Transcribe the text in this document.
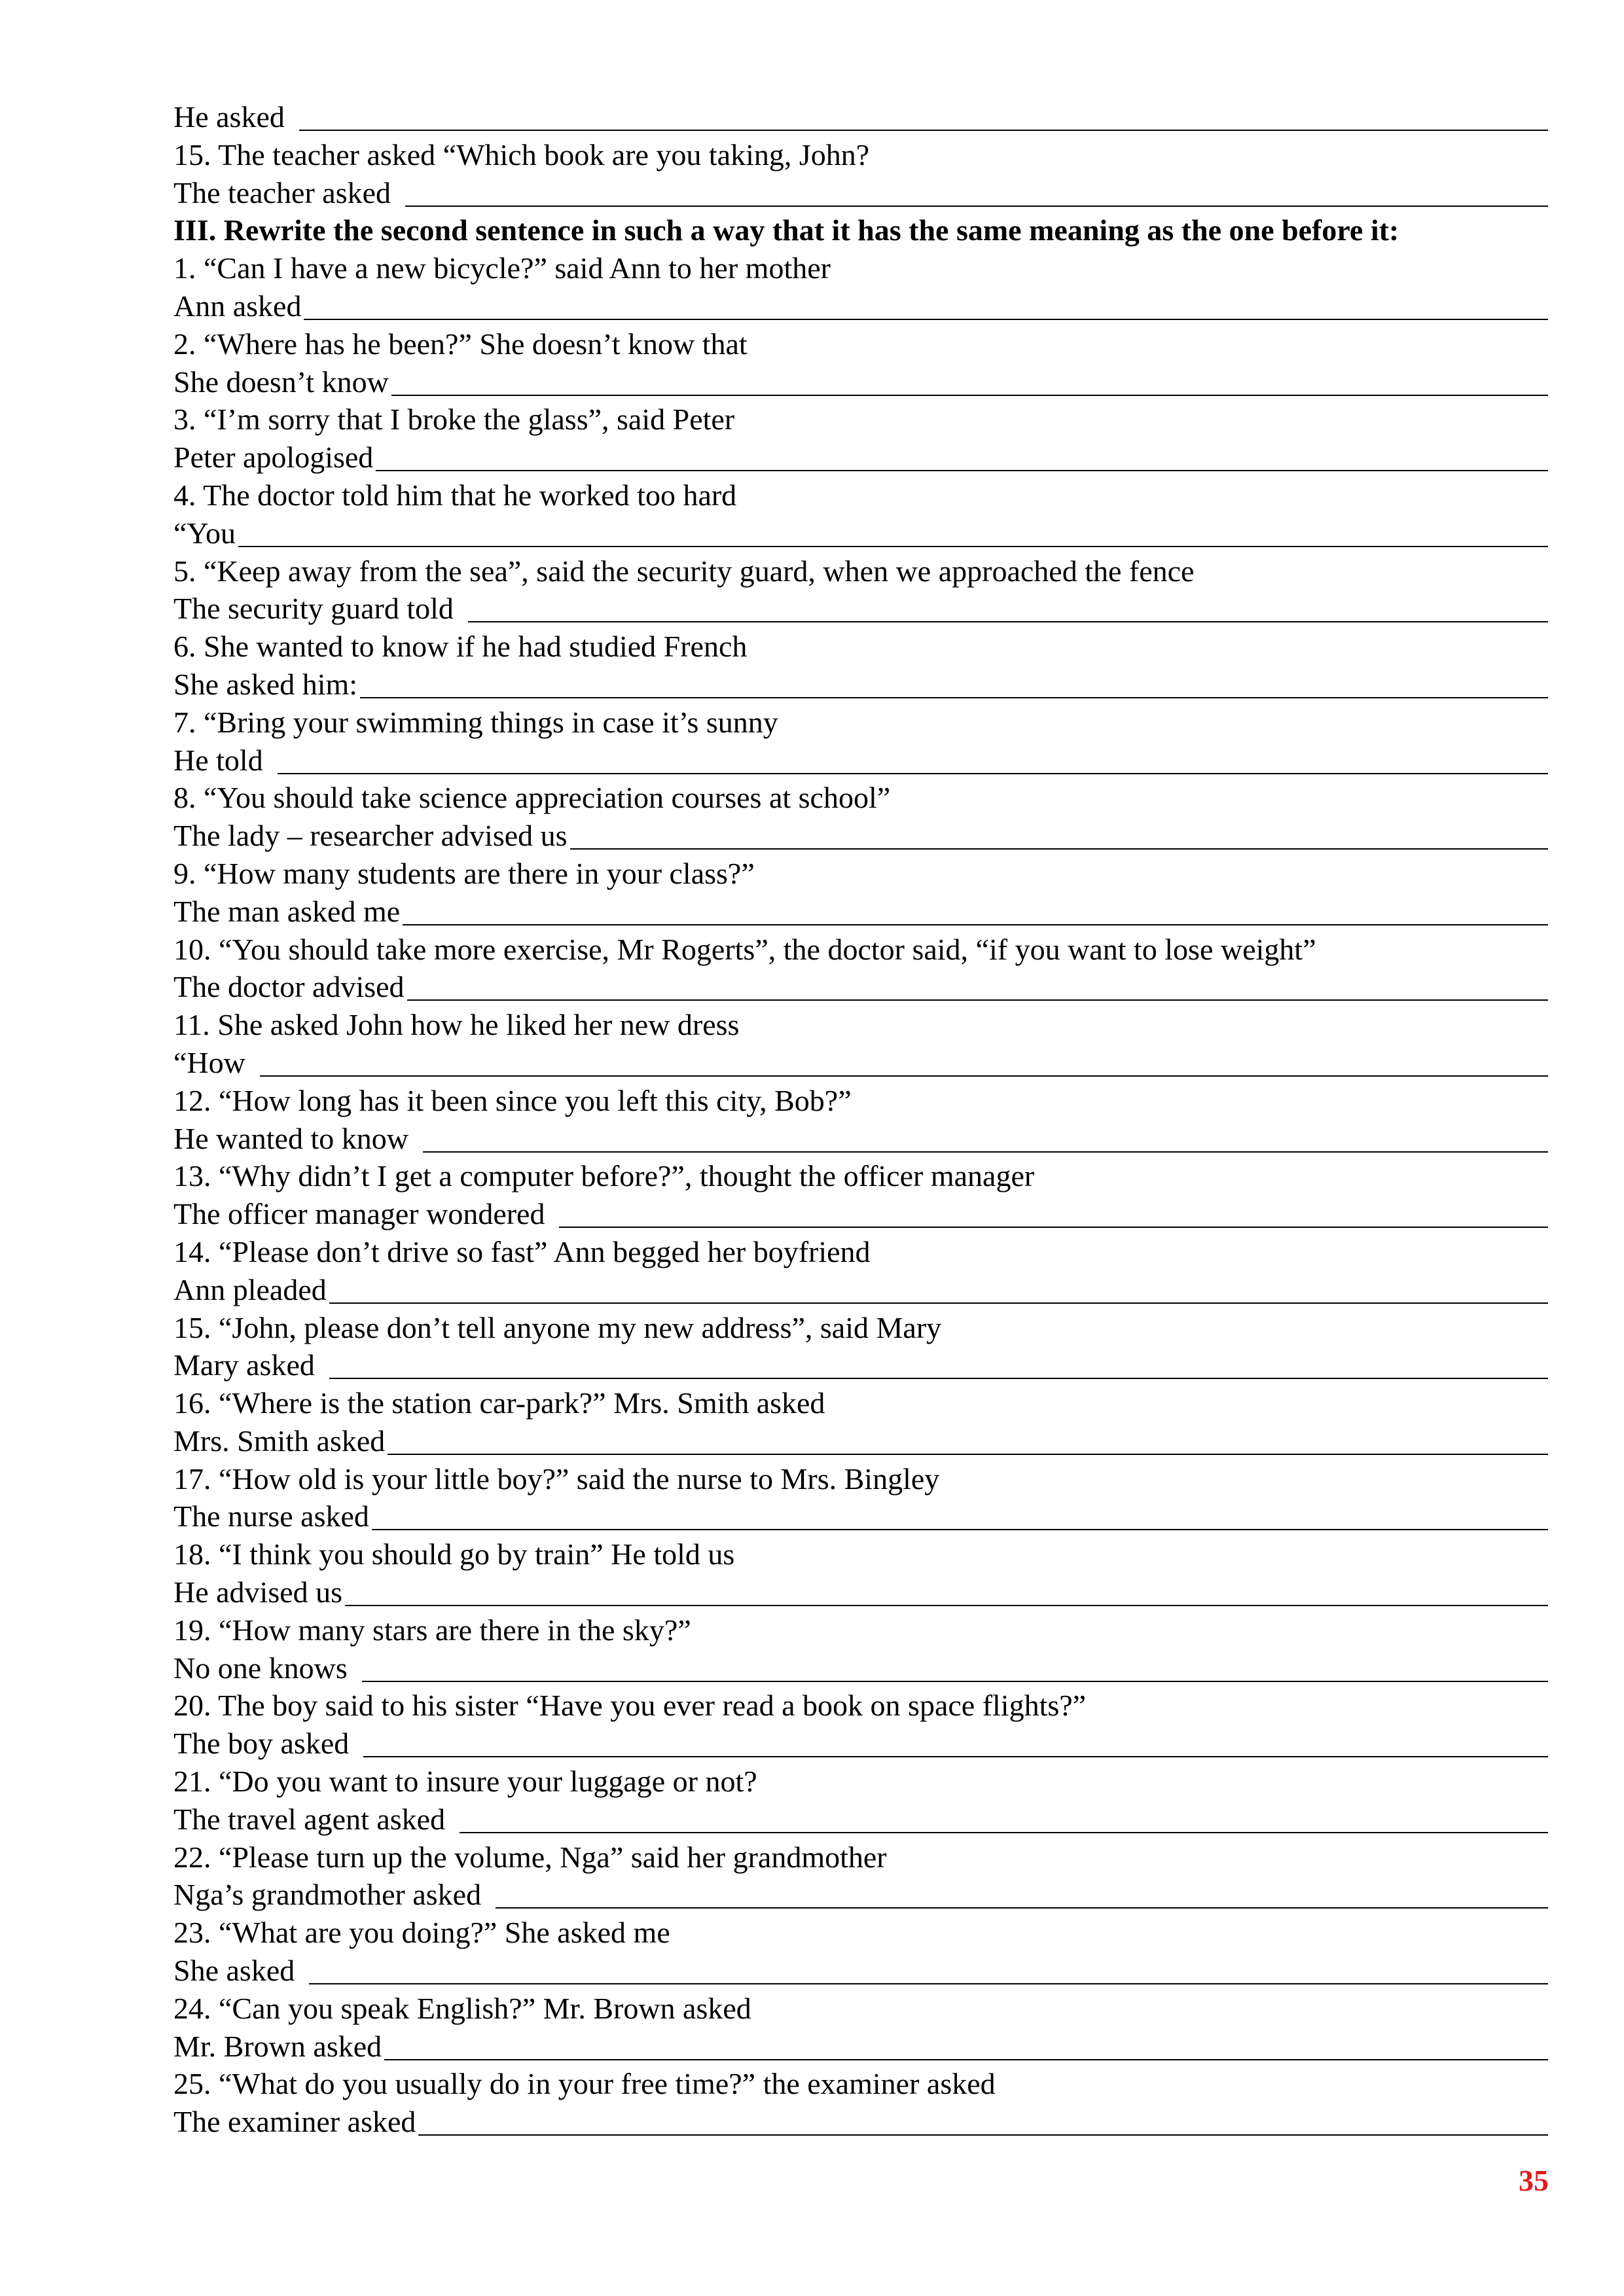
He asked
15. The teacher asked “Which book are you taking, John?
The teacher asked
III. Rewrite the second sentence in such a way that it has the same meaning as the one before it:
1. “Can I have a new bicycle?” said Ann to her mother
Ann asked
2. “Where has he been?” She doesn’t know that
She doesn’t know
3. “I’m sorry that I broke the glass”, said Peter
Peter apologised
4. The doctor told him that he worked too hard
“You
5. “Keep away from the sea”, said the security guard, when we approached the fence
The security guard told
6. She wanted to know if he had studied French
She asked him:
7. “Bring your swimming things in case it’s sunny
He told
8. “You should take science appreciation courses at school”
The lady – researcher advised us
9. “How many students are there in your class?”
The man asked me
10. “You should take more exercise, Mr Rogerts”, the doctor said, “if you want to lose weight”
The doctor advised
11. She asked John how he liked her new dress
“How
12. “How long has it been since you left this city, Bob?”
He wanted to know
13. “Why didn’t I get a computer before?”, thought the officer manager
The officer manager wondered
14. “Please don’t drive so fast” Ann begged her boyfriend
Ann pleaded
15. “John, please don’t tell anyone my new address”, said Mary
Mary asked
16. “Where is the station car-park?” Mrs. Smith asked
Mrs. Smith asked
17. “How old is your little boy?” said the nurse to Mrs. Bingley
The nurse asked
18. “I think you should go by train” He told us
He advised us
19. “How many stars are there in the sky?”
No one knows
20. The boy said to his sister “Have you ever read a book on space flights?”
The boy asked
21. “Do you want to insure your luggage or not?
The travel agent asked
22. “Please turn up the volume, Nga” said her grandmother
Nga’s grandmother asked
23. “What are you doing?” She asked me
She asked
24. “Can you speak English?” Mr. Brown asked
Mr. Brown asked
25. “What do you usually do in your free time?” the examiner asked
The examiner asked
35
